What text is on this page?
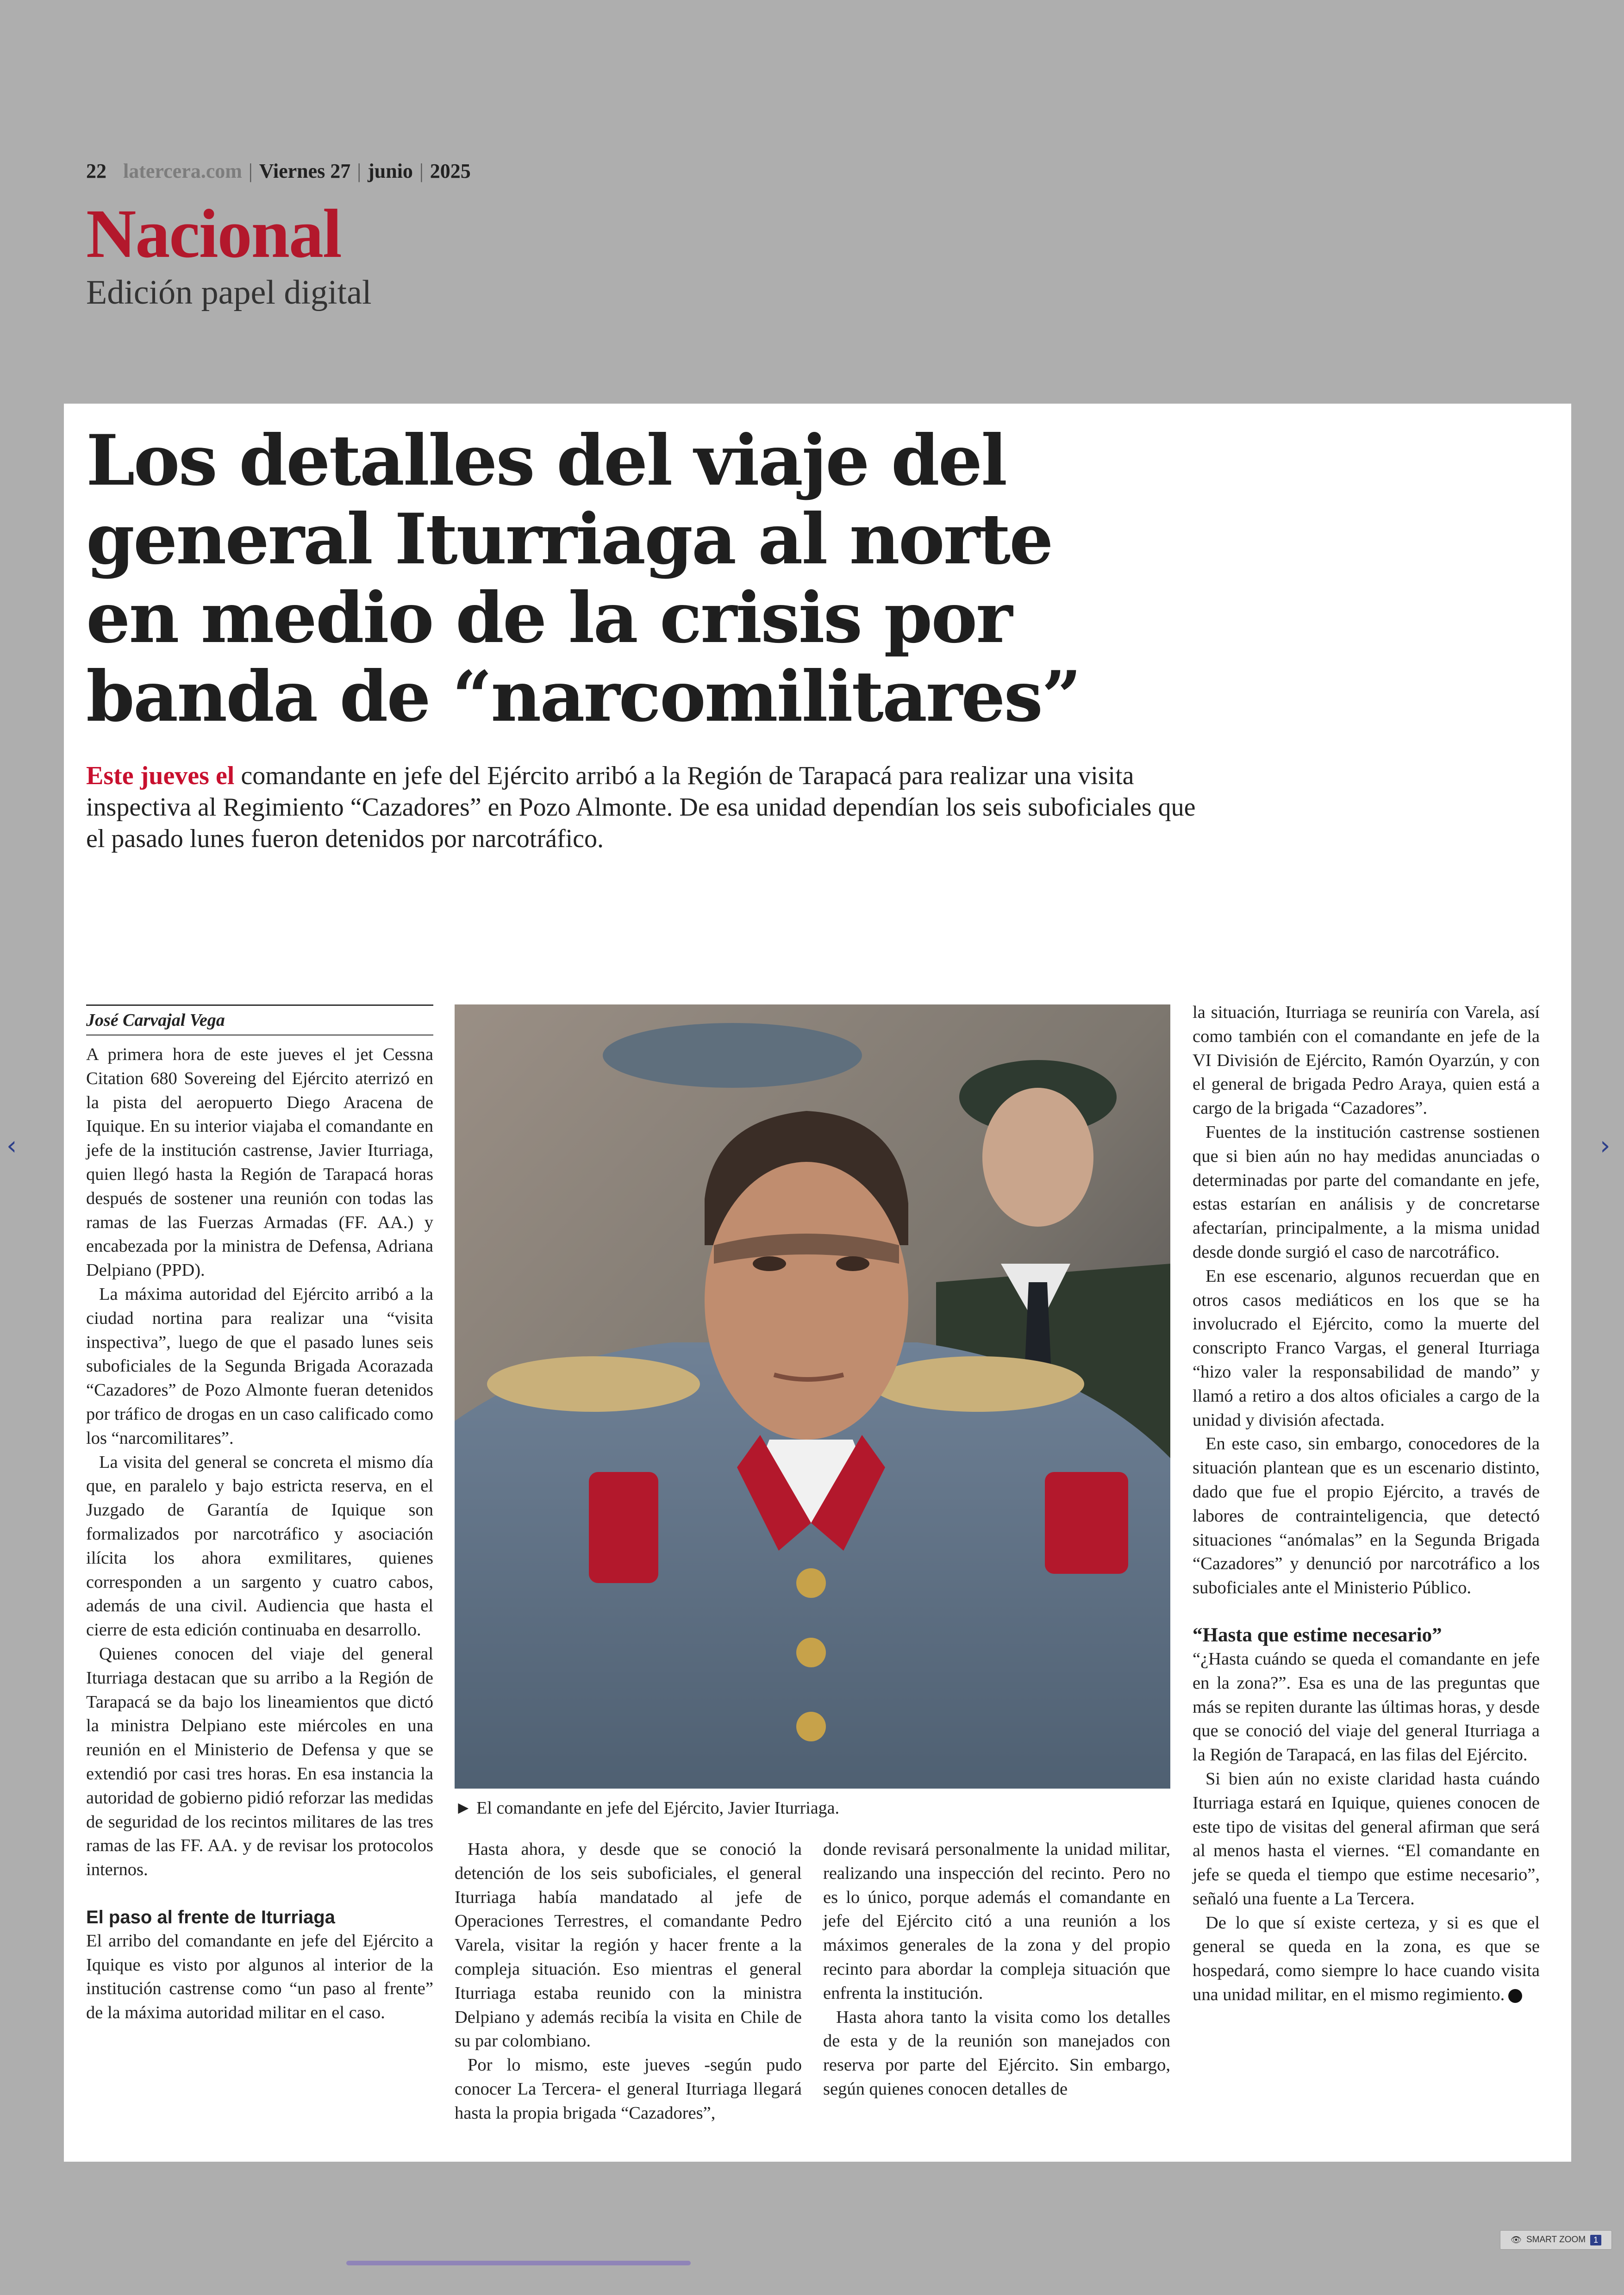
22 latercera.com | Viernes 27 | junio | 2025
Nacional
Edición papel digital
‹	›
Los detalles del viaje del general Iturriaga al norte en medio de la crisis por banda de “narcomilitares”
Este jueves el comandante en jefe del Ejército arribó a la Región de Tarapacá para realizar una visita inspectiva al Regimiento “Cazadores” en Pozo Almonte. De esa unidad dependían los seis suboficiales que el pasado lunes fueron detenidos por narcotráfico.
José Carvajal Vega

A primera hora de este jueves el jet Cessna Citation 680 Sovereing del Ejército aterrizó en la pista del aeropuerto Diego Aracena de Iquique. En su interior viajaba el comandante en jefe de la institución castrense, Javier Iturriaga, quien llegó hasta la Región de Tarapacá horas después de sostener una reunión con todas las ramas de las Fuerzas Armadas (FF. AA.) y encabezada por la ministra de Defensa, Adriana Delpiano (PPD).

La máxima autoridad del Ejército arribó a la ciudad nortina para realizar una “visita inspectiva”, luego de que el pasado lunes seis suboficiales de la Segunda Brigada Acorazada “Cazadores” de Pozo Almonte fueran detenidos por tráfico de drogas en un caso calificado como los “narcomilitares”.

La visita del general se concreta el mismo día que, en paralelo y bajo estricta reserva, en el Juzgado de Garantía de Iquique son formalizados por narcotráfico y asociación ilícita los ahora exmilitares, quienes corresponden a un sargento y cuatro cabos, además de una civil. Audiencia que hasta el cierre de esta edición continuaba en desarrollo.

Quienes conocen del viaje del general Iturriaga destacan que su arribo a la Región de Tarapacá se da bajo los lineamientos que dictó la ministra Delpiano este miércoles en una reunión en el Ministerio de Defensa y que se extendió por casi tres horas. En esa instancia la autoridad de gobierno pidió reforzar las medidas de seguridad de los recintos militares de las tres ramas de las FF. AA. y de revisar los protocolos internos.

El paso al frente de Iturriaga

El arribo del comandante en jefe del Ejército a Iquique es visto por algunos al interior de la institución castrense como “un paso al frente” de la máxima autoridad militar en el caso.

► El comandante en jefe del Ejército, Javier Iturriaga.

Hasta ahora, y desde que se conoció la detención de los seis suboficiales, el general Iturriaga había mandatado al jefe de Operaciones Terrestres, el comandante Pedro Varela, visitar la región y hacer frente a la compleja situación. Eso mientras el general Iturriaga estaba reunido con la ministra Delpiano y además recibía la visita en Chile de su par colombiano.

Por lo mismo, este jueves -según pudo conocer La Tercera- el general Iturriaga llegará hasta la propia brigada “Cazadores”,

donde revisará personalmente la unidad militar, realizando una inspección del recinto. Pero no es lo único, porque además el comandante en jefe del Ejército citó a una reunión a los máximos generales de la zona y del propio recinto para abordar la compleja situación que enfrenta la institución.

Hasta ahora tanto la visita como los detalles de esta y de la reunión son manejados con reserva por parte del Ejército. Sin embargo, según quienes conocen detalles de

la situación, Iturriaga se reuniría con Varela, así como también con el comandante en jefe de la VI División de Ejército, Ramón Oyarzún, y con el general de brigada Pedro Araya, quien está a cargo de la brigada “Cazadores”.

Fuentes de la institución castrense sostienen que si bien aún no hay medidas anunciadas o determinadas por parte del comandante en jefe, estas estarían en análisis y de concretarse afectarían, principalmente, a la misma unidad desde donde surgió el caso de narcotráfico.

En ese escenario, algunos recuerdan que en otros casos mediáticos en los que se ha involucrado el Ejército, como la muerte del conscripto Franco Vargas, el general Iturriaga “hizo valer la responsabilidad de mando” y llamó a retiro a dos altos oficiales a cargo de la unidad y división afectada.

En este caso, sin embargo, conocedores de la situación plantean que es un escenario distinto, dado que fue el propio Ejército, a través de labores de contrainteligencia, que detectó situaciones “anómalas” en la Segunda Brigada “Cazadores” y denunció por narcotráfico a los suboficiales ante el Ministerio Público.

“Hasta que estime necesario”

“¿Hasta cuándo se queda el comandante en jefe en la zona?”. Esa es una de las preguntas que más se repiten durante las últimas horas, y desde que se conoció del viaje del general Iturriaga a la Región de Tarapacá, en las filas del Ejército.

Si bien aún no existe claridad hasta cuándo Iturriaga estará en Iquique, quienes conocen de este tipo de visitas del general afirman que será al menos hasta el viernes. “El comandante en jefe se queda el tiempo que estime necesario”, señaló una fuente a La Tercera.

De lo que sí existe certeza, y si es que el general se queda en la zona, es que se hospedará, como siempre lo hace cuando visita una unidad militar, en el mismo regimiento.

👁 SMART ZOOM 1
